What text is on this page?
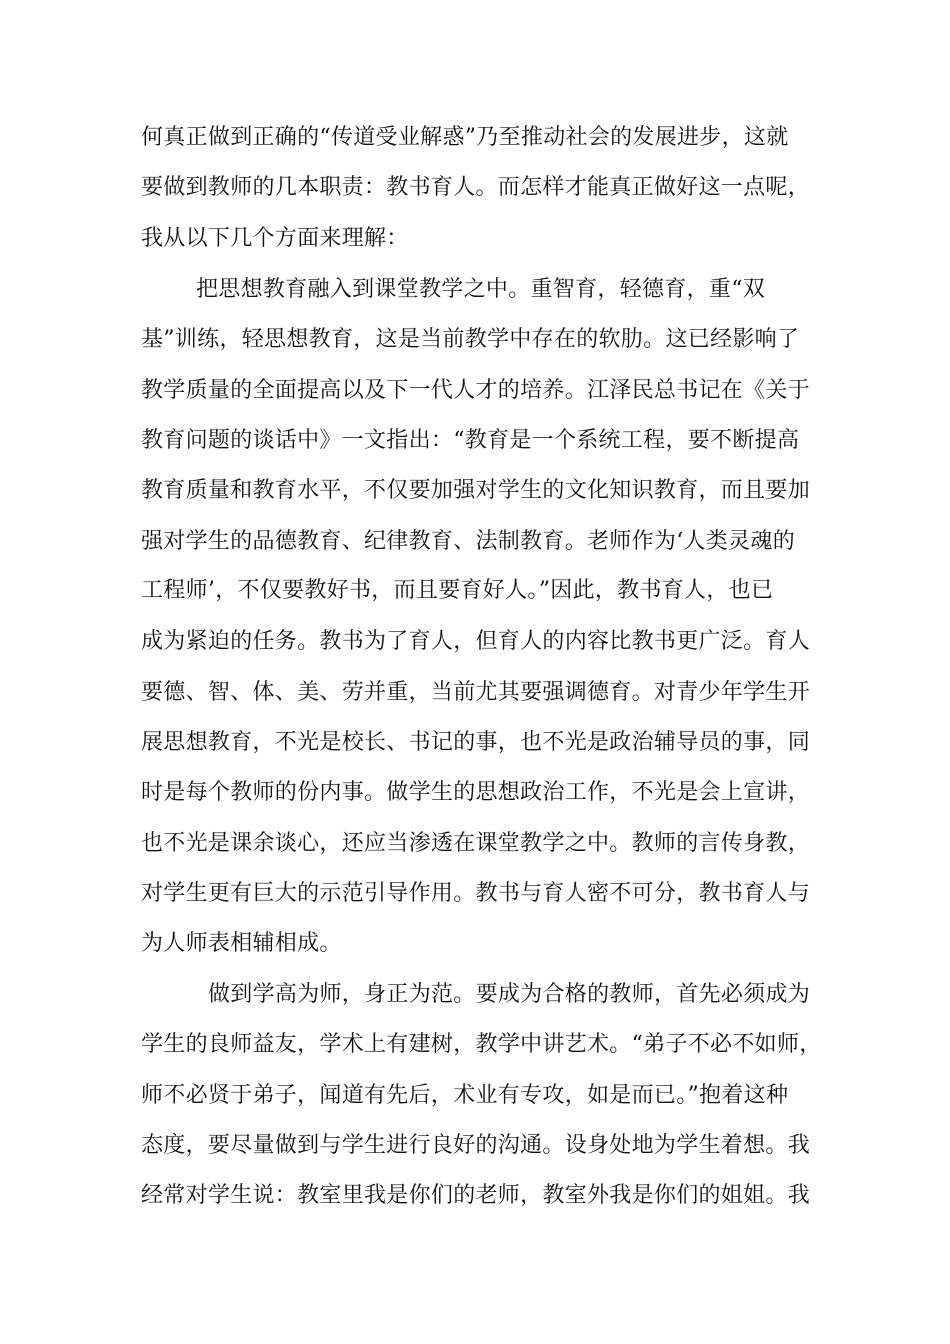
何真正做到正确的“传道受业解惑”乃至推动社会的发展进步，这就
要做到教师的几本职责：教书育人。而怎样才能真正做好这一点呢，
我从以下几个方面来理解：
把思想教育融入到课堂教学之中。重智育，轻德育，重“双
基”训练，轻思想教育，这是当前教学中存在的软肋。这已经影响了
教学质量的全面提高以及下一代人才的培养。江泽民总书记在《关于
教育问题的谈话中》一文指出：“教育是一个系统工程，要不断提高
教育质量和教育水平，不仅要加强对学生的文化知识教育，而且要加
强对学生的品德教育、纪律教育、法制教育。老师作为‘人类灵魂的
工程师’，不仅要教好书，而且要育好人。”因此，教书育人，也已
成为紧迫的任务。教书为了育人，但育人的内容比教书更广泛。育人
要德、智、体、美、劳并重，当前尤其要强调德育。对青少年学生开
展思想教育，不光是校长、书记的事，也不光是政治辅导员的事，同
时是每个教师的份内事。做学生的思想政治工作，不光是会上宣讲，
也不光是课余谈心，还应当渗透在课堂教学之中。教师的言传身教，
对学生更有巨大的示范引导作用。教书与育人密不可分，教书育人与
为人师表相辅相成。
做到学高为师，身正为范。要成为合格的教师，首先必须成为
学生的良师益友，学术上有建树，教学中讲艺术。“弟子不必不如师，
师不必贤于弟子，闻道有先后，术业有专攻，如是而已。”抱着这种
态度，要尽量做到与学生进行良好的沟通。设身处地为学生着想。我
经常对学生说：教室里我是你们的老师，教室外我是你们的姐姐。我
